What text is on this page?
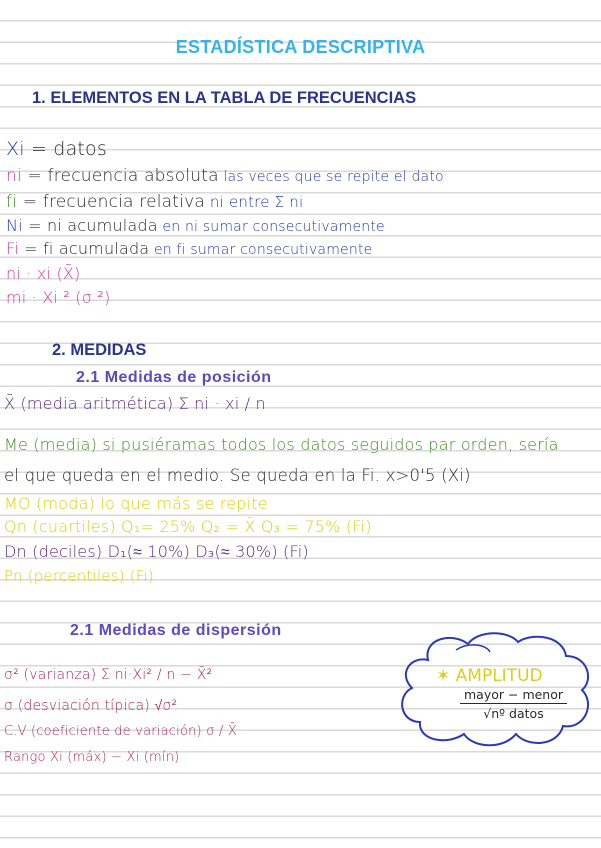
ESTADÍSTICA DESCRIPTIVA
1. ELEMENTOS EN LA TABLA DE FRECUENCIAS
Xi = datos
ni = frecuencia absoluta las veces que se repite el dato
fi = frecuencia relativa ni entre Σ ni
Ni = ni acumulada en ni sumar consecutivamente
Fi = fi acumulada en fi sumar consecutivamente
ni · xi (X̄)
mi · Xi ² (σ ²)
2. MEDIDAS
2.1 Medidas de posición
X̄ (media aritmética) Σ ni · xi / n
Me (media) si pusiéramas todos los datos seguidos par orden, sería
el que queda en el medio. Se queda en la Fi. x>0'5 (Xi)
MO (moda) lo que más se repite
Qn (cuartiles) Q₁= 25% Q₂ = X̄ Q₃ = 75% (Fi)
Dn (deciles) D₁(≈ 10%) D₃(≈ 30%) (Fi)
Pn (percentiles) (Fi)
2.1 Medidas de dispersión
σ² (varianza) Σ ni·Xi² / n − X̄²
σ (desviación típica) √σ²
C.V (coeficiente de variación) σ / X̄
Rango Xi (máx) − Xi (mín)
✶ AMPLITUD
mayor − menor
√nº datos
